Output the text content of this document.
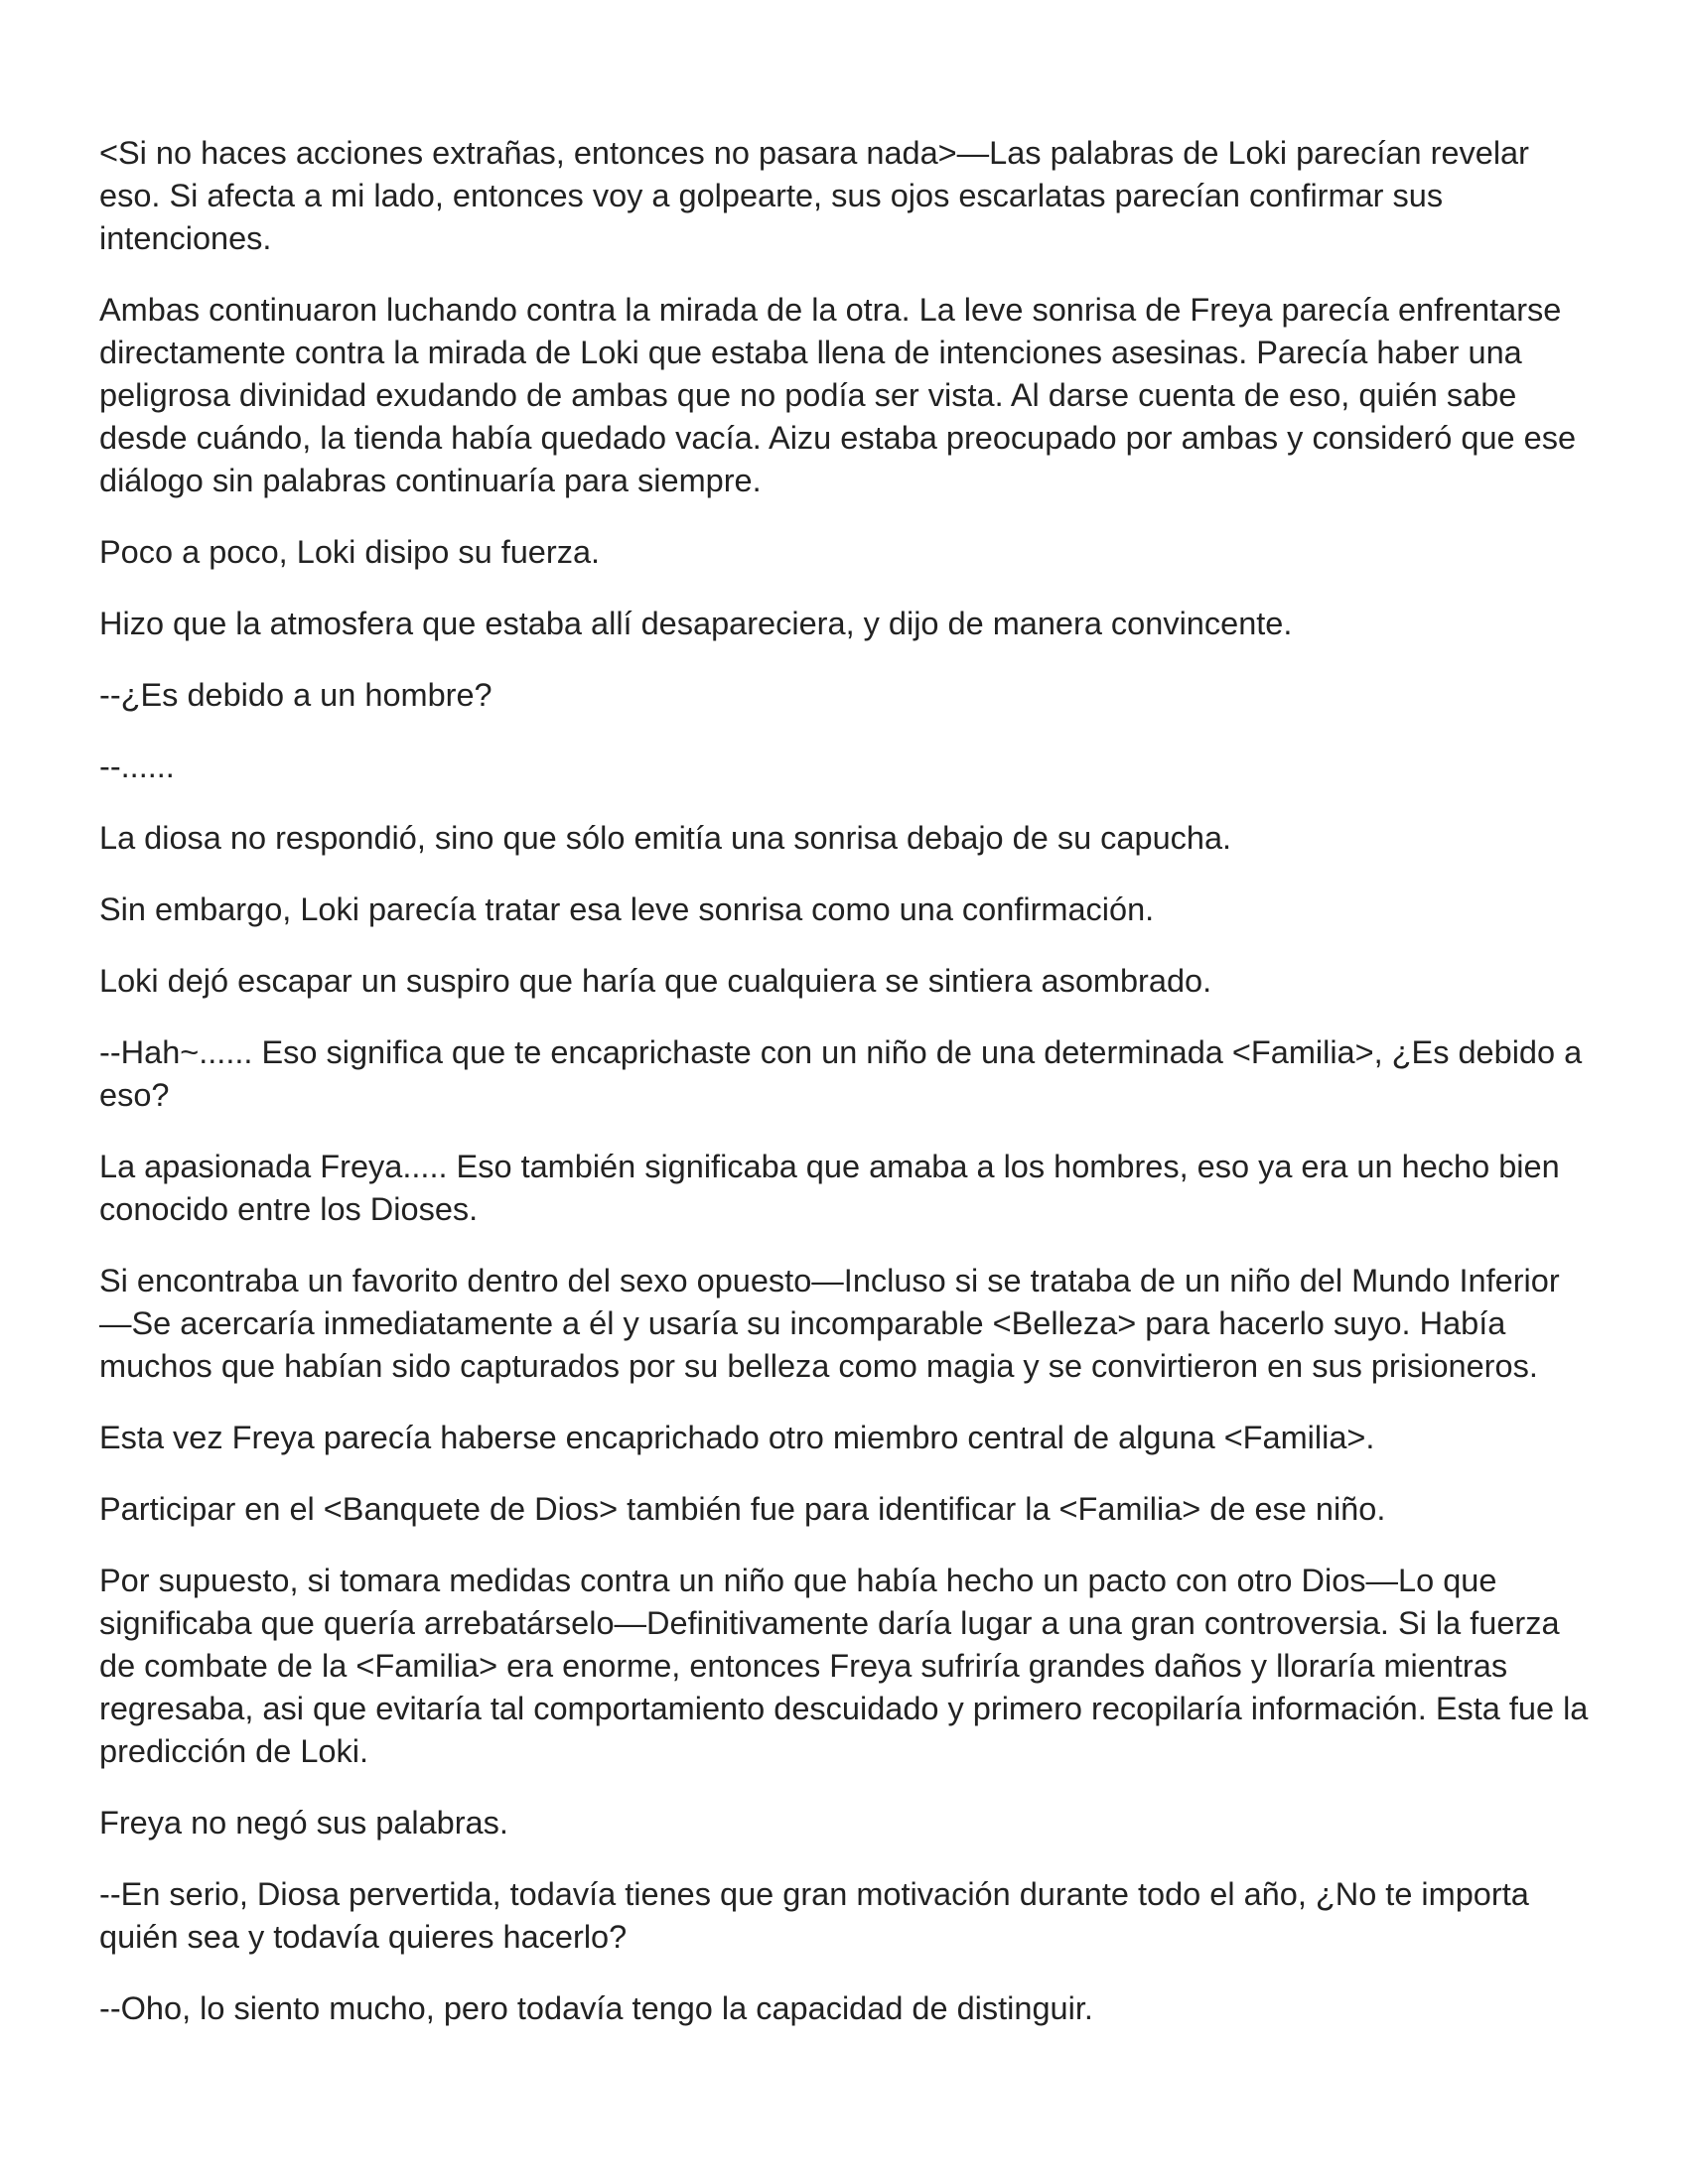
<Si no haces acciones extrañas, entonces no pasara nada>—Las palabras de Loki parecían revelar eso. Si afecta a mi lado, entonces voy a golpearte, sus ojos escarlatas parecían confirmar sus intenciones.

Ambas continuaron luchando contra la mirada de la otra. La leve sonrisa de Freya parecía enfrentarse directamente contra la mirada de Loki que estaba llena de intenciones asesinas. Parecía haber una peligrosa divinidad exudando de ambas que no podía ser vista. Al darse cuenta de eso, quién sabe desde cuándo, la tienda había quedado vacía. Aizu estaba preocupado por ambas y consideró que ese diálogo sin palabras continuaría para siempre.

Poco a poco, Loki disipo su fuerza.

Hizo que la atmosfera que estaba allí desapareciera, y dijo de manera convincente.

--¿Es debido a un hombre?

--......

La diosa no respondió, sino que sólo emitía una sonrisa debajo de su capucha.

Sin embargo, Loki parecía tratar esa leve sonrisa como una confirmación.

Loki dejó escapar un suspiro que haría que cualquiera se sintiera asombrado.

--Hah~...... Eso significa que te encaprichaste con un niño de una determinada <Familia>, ¿Es debido a eso?

La apasionada Freya..... Eso también significaba que amaba a los hombres, eso ya era un hecho bien conocido entre los Dioses.

Si encontraba un favorito dentro del sexo opuesto—Incluso si se trataba de un niño del Mundo Inferior—Se acercaría inmediatamente a él y usaría su incomparable <Belleza> para hacerlo suyo. Había muchos que habían sido capturados por su belleza como magia y se convirtieron en sus prisioneros.

Esta vez Freya parecía haberse encaprichado otro miembro central de alguna <Familia>.

Participar en el <Banquete de Dios> también fue para identificar la <Familia> de ese niño.

Por supuesto, si tomara medidas contra un niño que había hecho un pacto con otro Dios—Lo que significaba que quería arrebatárselo—Definitivamente daría lugar a una gran controversia. Si la fuerza de combate de la <Familia> era enorme, entonces Freya sufriría grandes daños y lloraría mientras regresaba, asi que evitaría tal comportamiento descuidado y primero recopilaría información. Esta fue la predicción de Loki.

Freya no negó sus palabras.

--En serio, Diosa pervertida, todavía tienes que gran motivación durante todo el año, ¿No te importa quién sea y todavía quieres hacerlo?

--Oho, lo siento mucho, pero todavía tengo la capacidad de distinguir.
